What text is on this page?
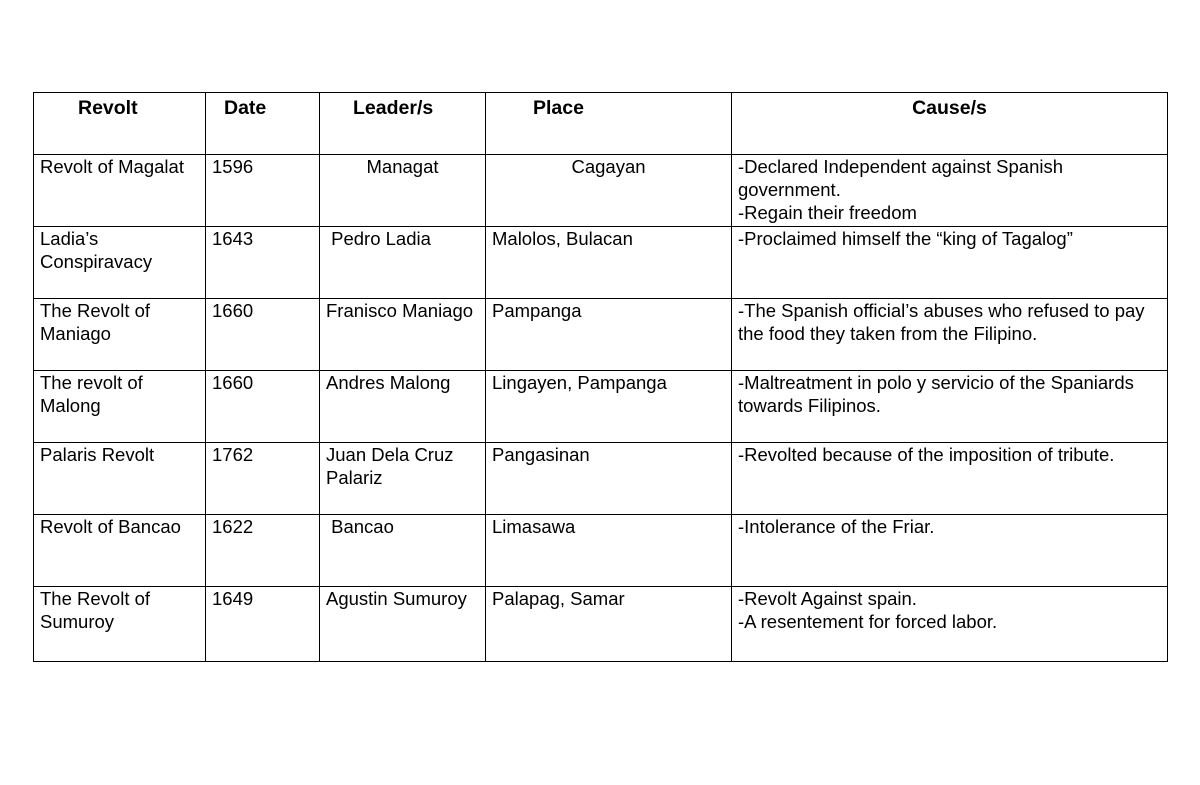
Revolt	Date	Leader/s	Place	Cause/s
Revolt of Magalat	1596	Managat	Cagayan	-Declared Independent against Spanish government.
-Regain their freedom

Ladia’s Conspiravacy	1643	Pedro Ladia	Malolos, Bulacan	-Proclaimed himself the “king of Tagalog”

The Revolt of Maniago	1660	Franisco Maniago	Pampanga	-The Spanish official’s abuses who refused to pay the food they taken from the Filipino.

The revolt of Malong	1660	Andres Malong	Lingayen, Pampanga	-Maltreatment in polo y servicio of the Spaniards towards Filipinos.

Palaris Revolt	1762	Juan Dela Cruz Palariz	Pangasinan	-Revolted because of the imposition of tribute.

Revolt of Bancao	1622	Bancao	Limasawa	-Intolerance of the Friar.

The Revolt of Sumuroy	1649	Agustin Sumuroy	Palapag, Samar	-Revolt Against spain.
-A resentement for forced labor.
